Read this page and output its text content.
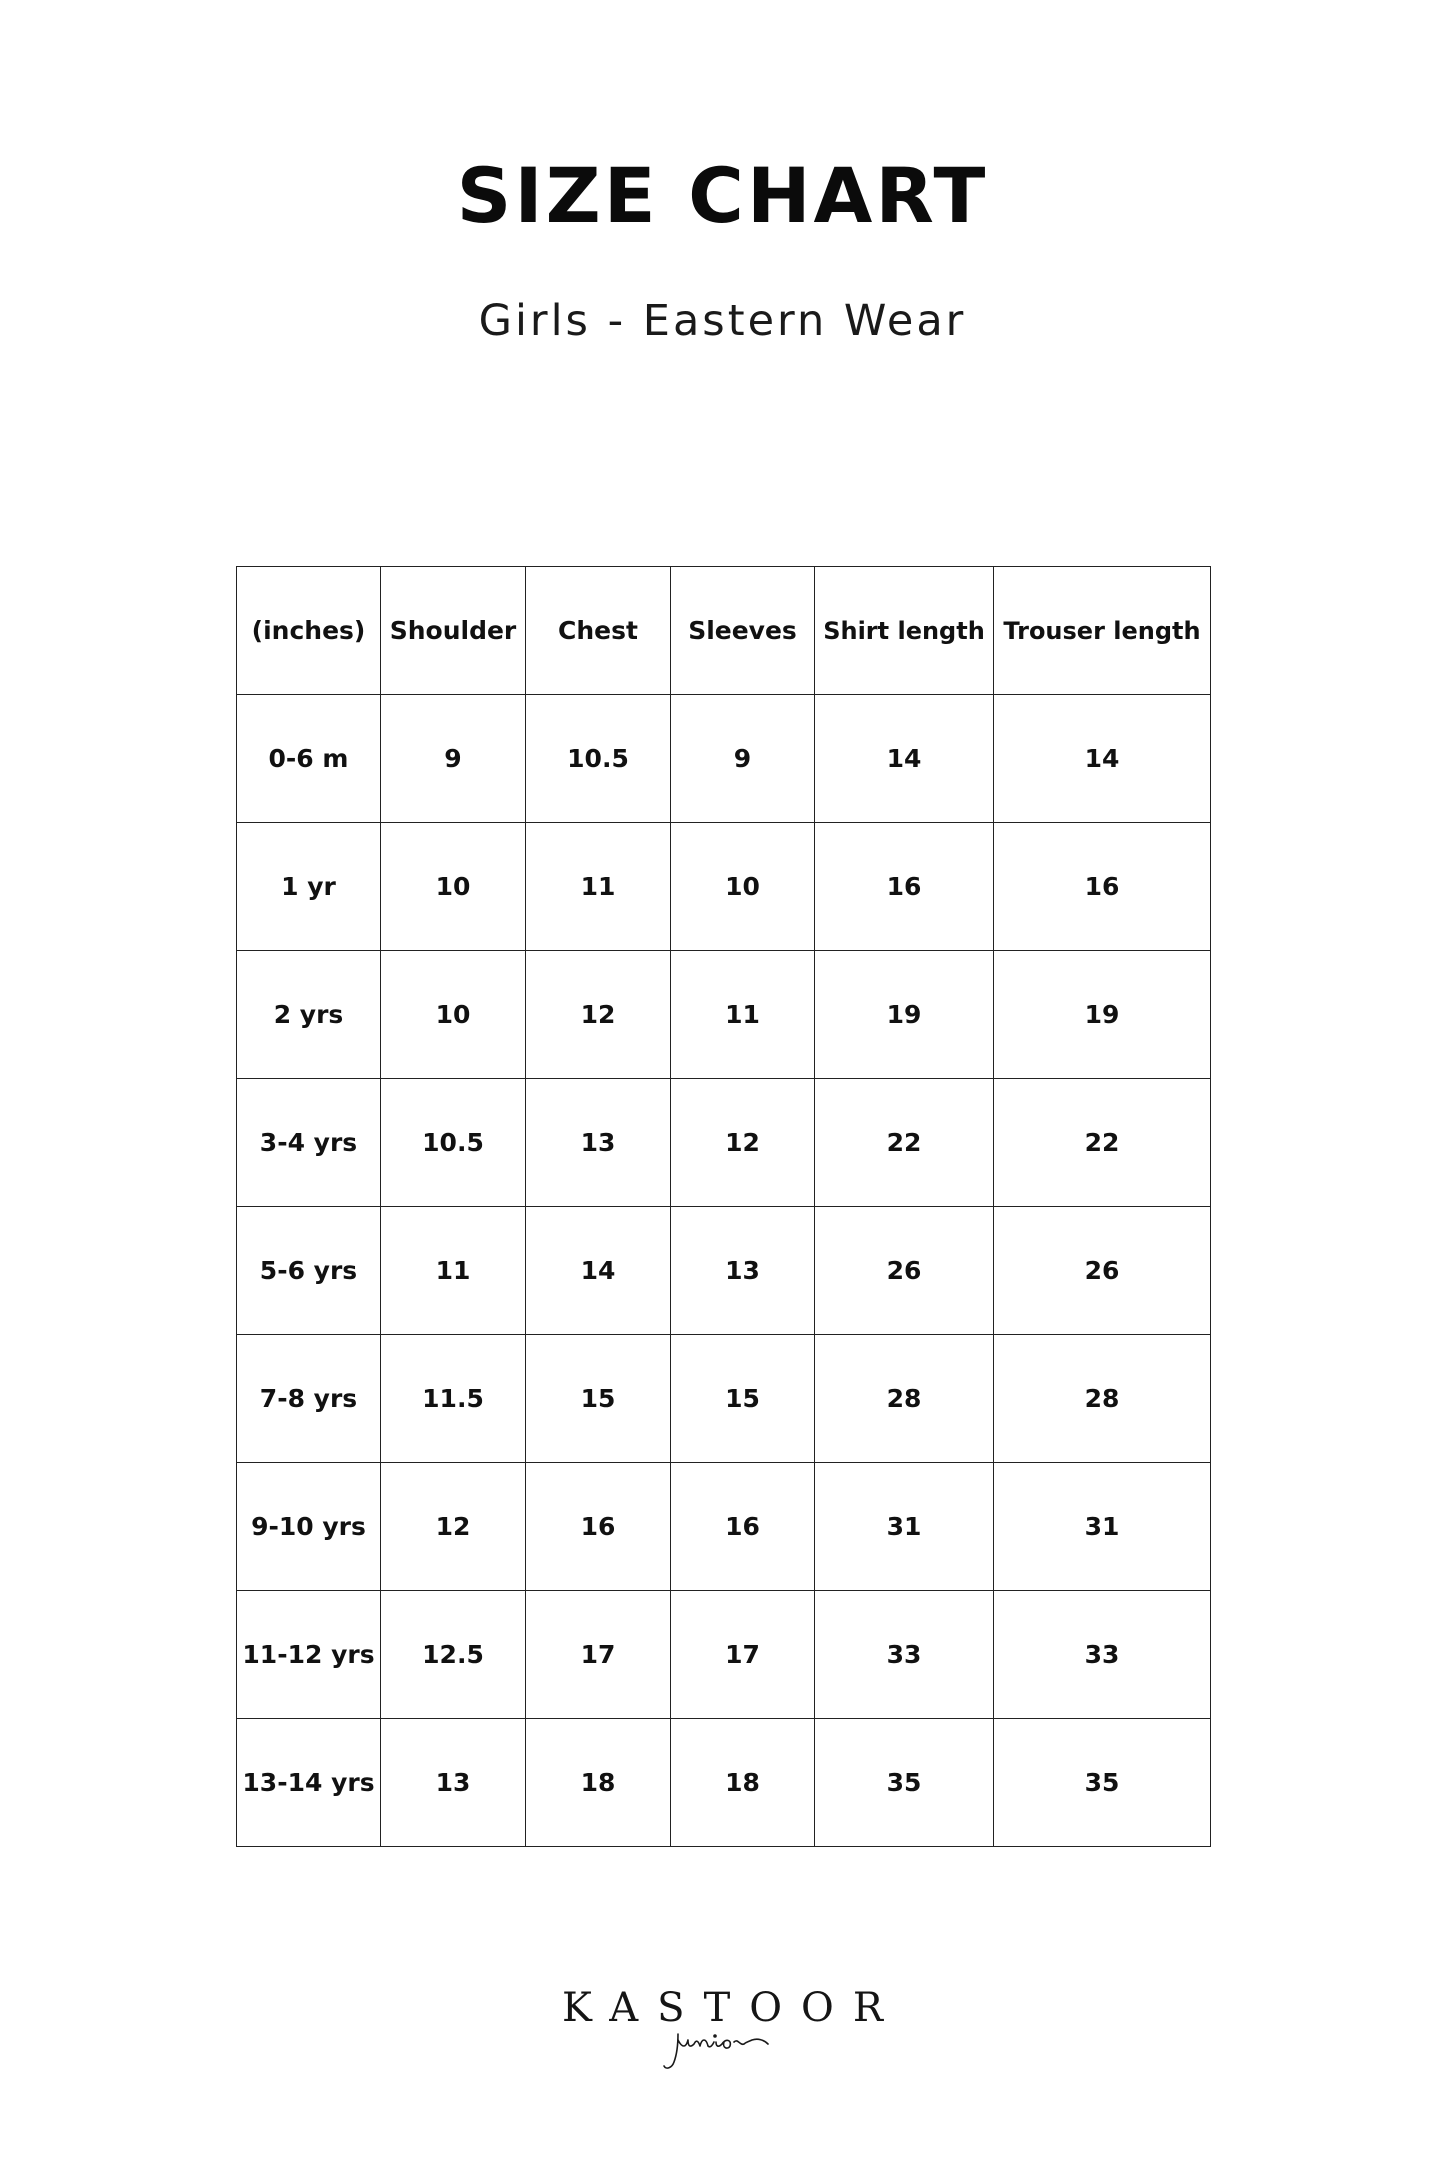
SIZE CHART
Girls - Eastern Wear
(inches)	Shoulder	Chest	Sleeves	Shirt length	Trouser length
0-6 m	9	10.5	9	14	14
1 yr	10	11	10	16	16
2 yrs	10	12	11	19	19
3-4 yrs	10.5	13	12	22	22
5-6 yrs	11	14	13	26	26
7-8 yrs	11.5	15	15	28	28
9-10 yrs	12	16	16	31	31
11-12 yrs	12.5	17	17	33	33
13-14 yrs	13	18	18	35	35
KASTOOR
